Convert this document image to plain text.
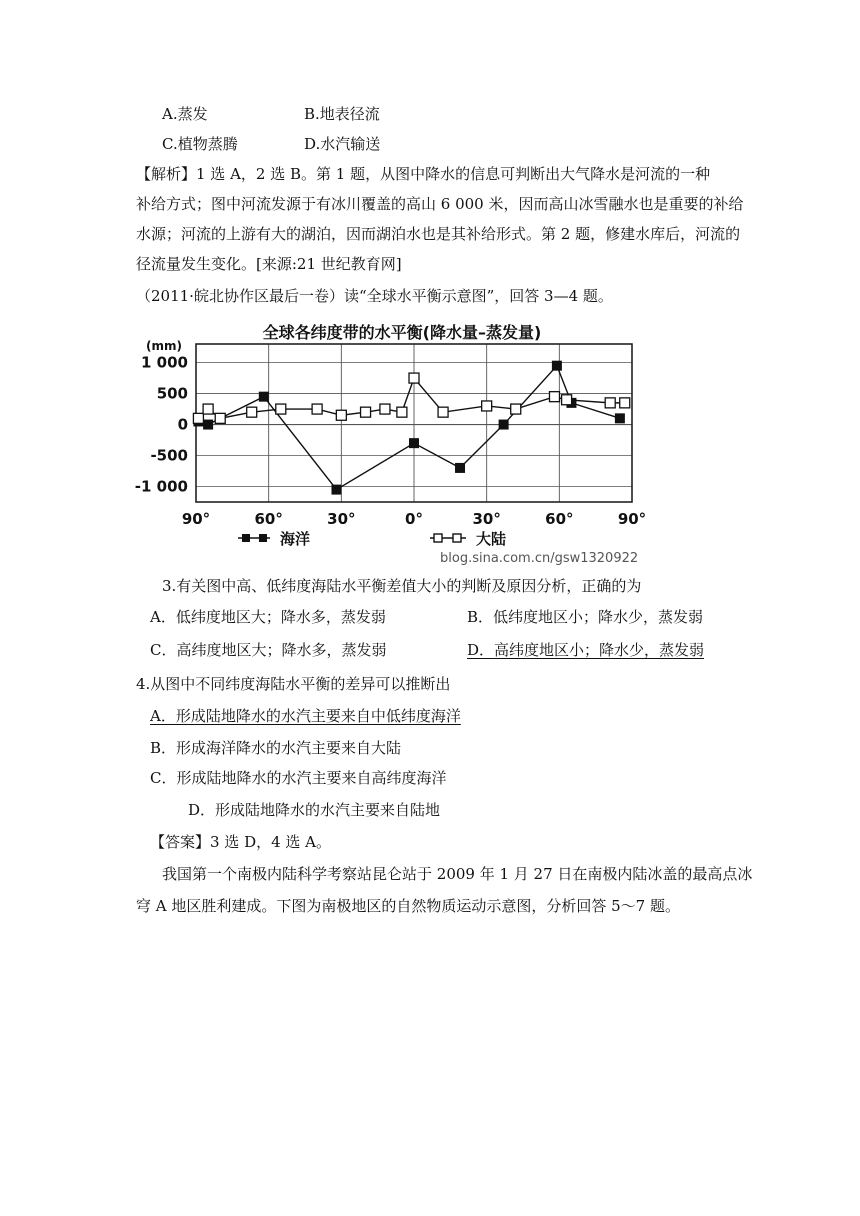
A.蒸发	B.地表径流
C.植物蒸腾	D.水汽输送
【解析】1 选 A，2 选 B。第 1 题，从图中降水的信息可判断出大气降水是河流的一种
补给方式；图中河流发源于有冰川覆盖的高山 6 000 米，因而高山冰雪融水也是重要的补给
水源；河流的上游有大的湖泊，因而湖泊水也是其补给形式。第 2 题，修建水库后，河流的
径流量发生变化。[来源:21 世纪教育网]
（2011·皖北协作区最后一卷）读“全球水平衡示意图”，回答 3—4 题。
全球各纬度带的水平衡(降水量–蒸发量)
(mm)
1 000
500
0
-500
-1 000
90°	60°	30°	0°	30°	60°	90°
海洋	大陆
blog.sina.com.cn/gsw1320922
3.有关图中高、低纬度海陆水平衡差值大小的判断及原因分析，正确的为
A．低纬度地区大；降水多，蒸发弱	B．低纬度地区小；降水少，蒸发弱
C．高纬度地区大；降水多，蒸发弱	D．高纬度地区小；降水少，蒸发弱
4.从图中不同纬度海陆水平衡的差异可以推断出
A．形成陆地降水的水汽主要来自中低纬度海洋
B．形成海洋降水的水汽主要来自大陆
C．形成陆地降水的水汽主要来自高纬度海洋
D．形成陆地降水的水汽主要来自陆地
【答案】3 选 D，4 选 A。
我国第一个南极内陆科学考察站昆仑站于 2009 年 1 月 27 日在南极内陆冰盖的最高点冰
穹 A 地区胜利建成。下图为南极地区的自然物质运动示意图，分析回答 5～7 题。
